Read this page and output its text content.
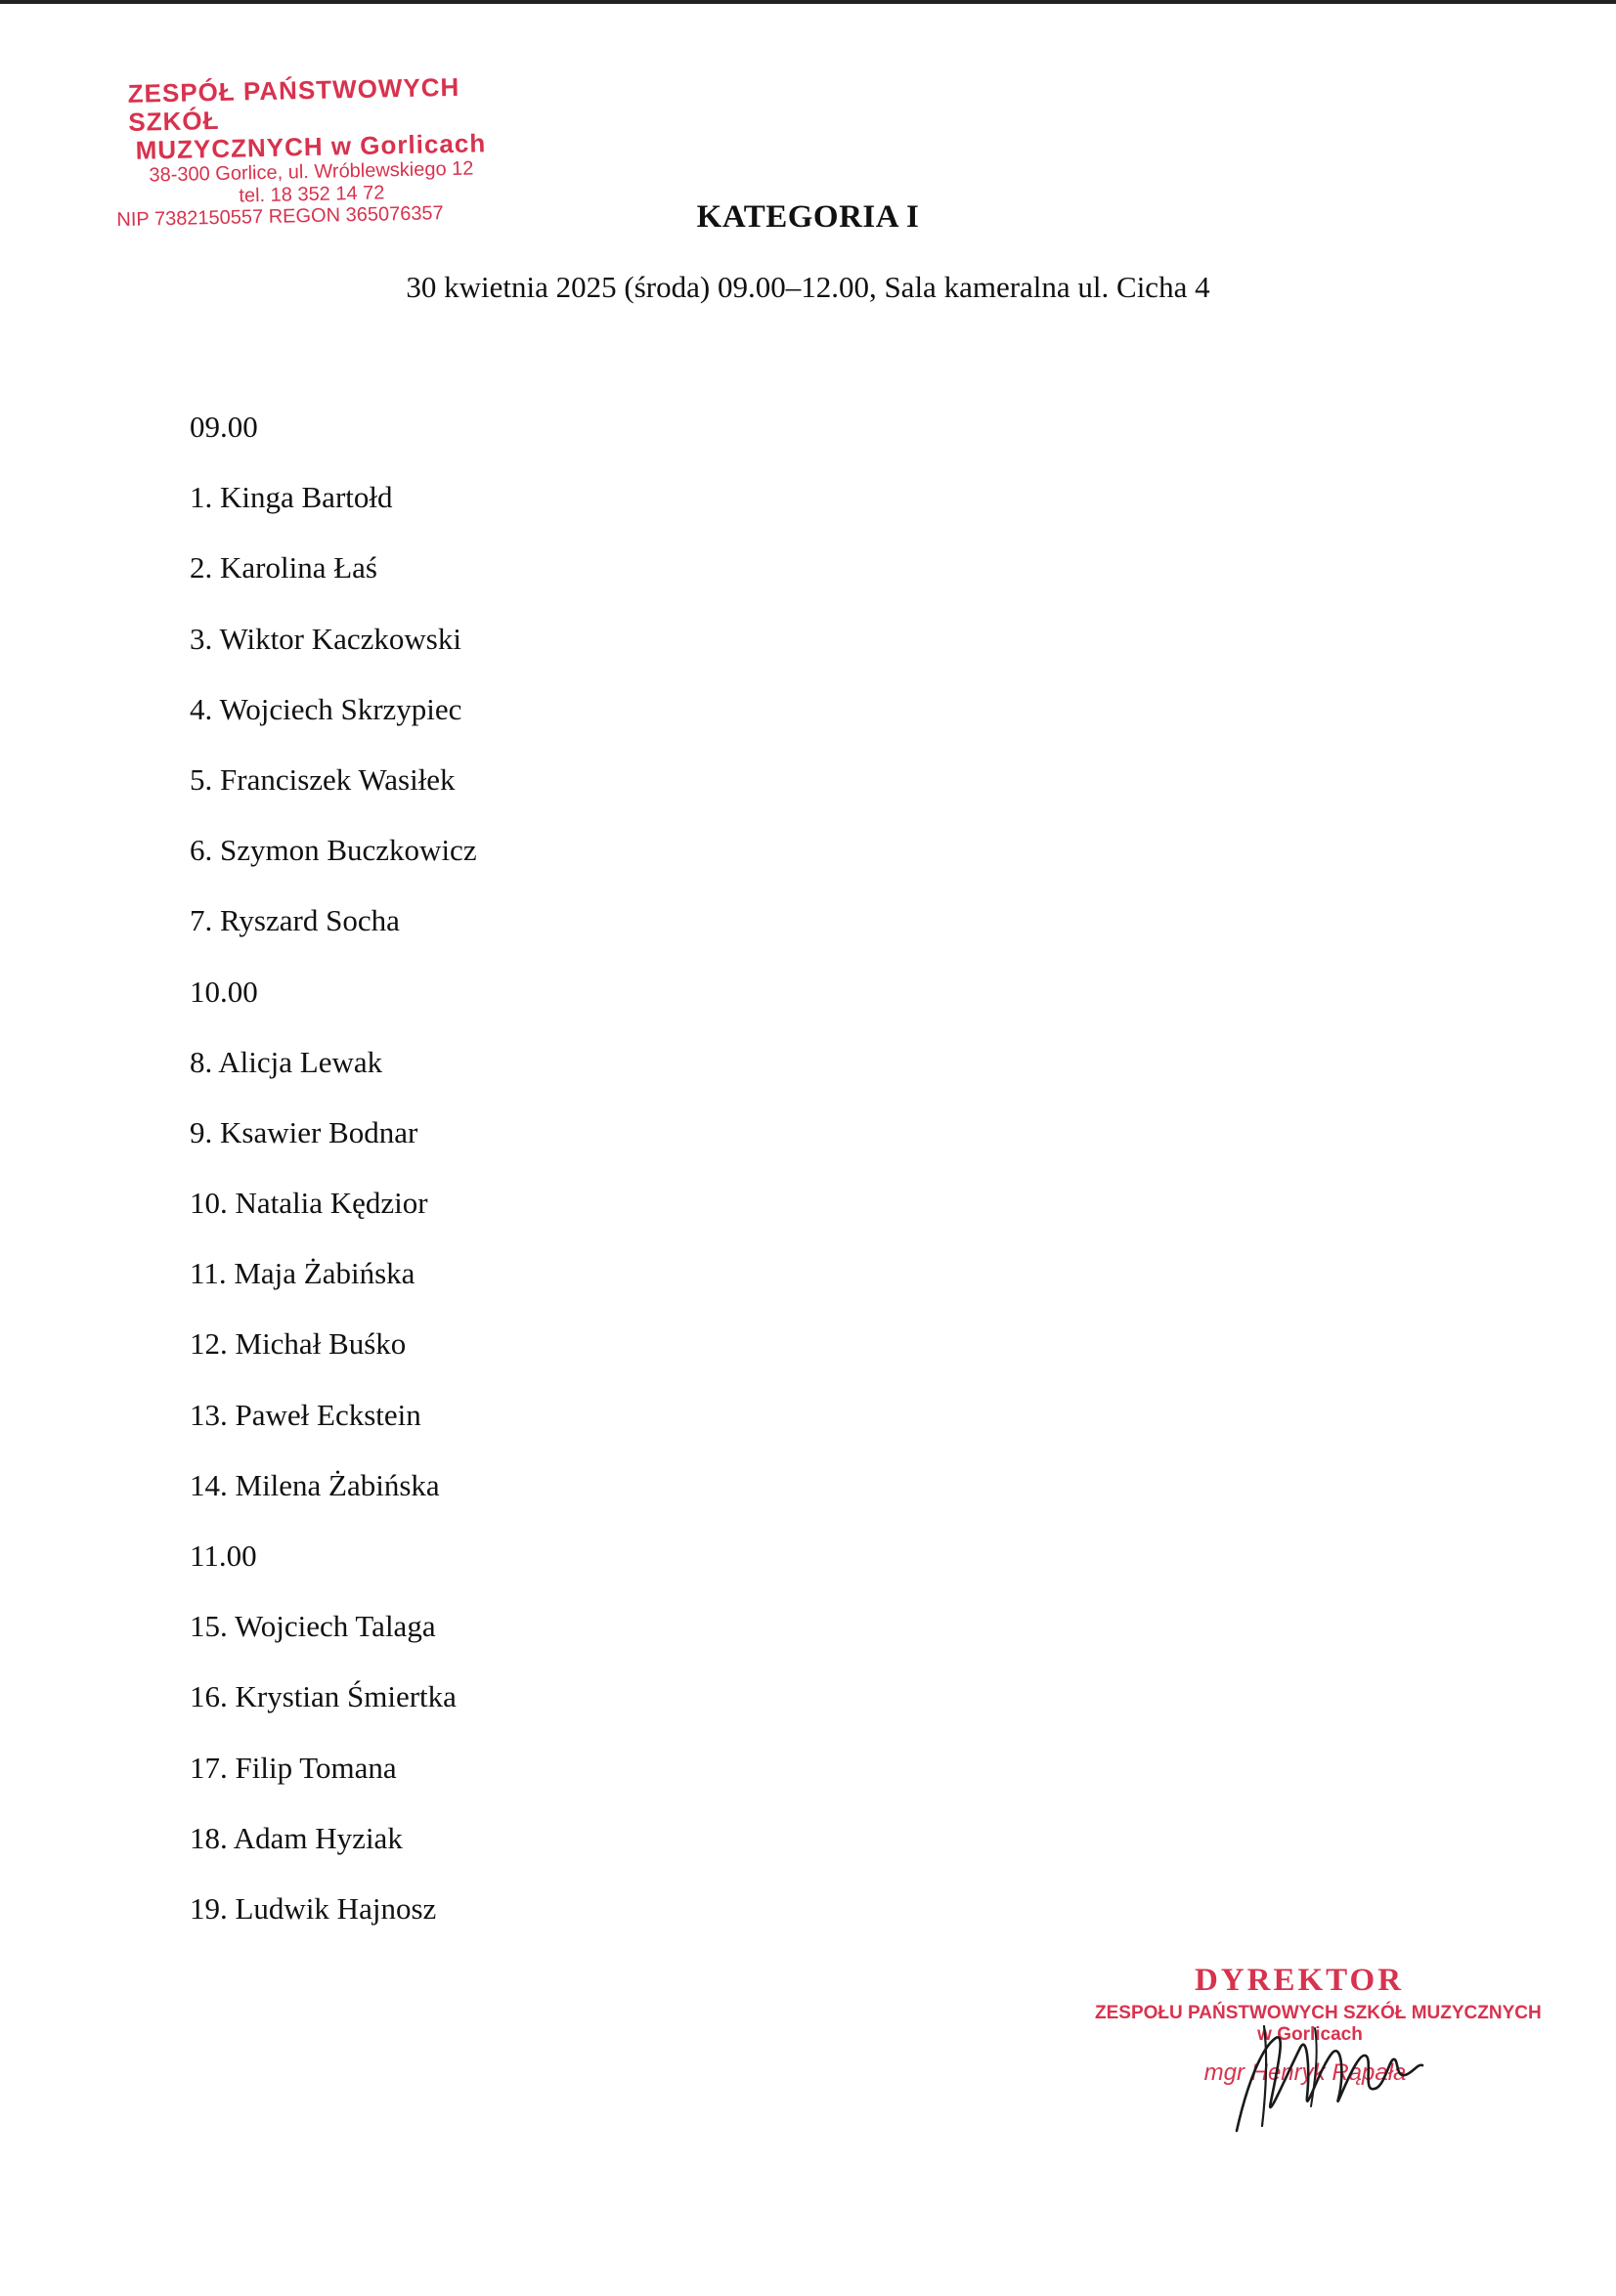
ZESPÓŁ PAŃSTWOWYCH SZKÓŁ
MUZYCZNYCH w Gorlicach
38-300 Gorlice, ul. Wróblewskiego 12
tel. 18 352 14 72
NIP 7382150557 REGON 365076357	KATEGORIA I
30 kwietnia 2025 (środa) 09.00–12.00, Sala kameralna ul. Cicha 4
09.00
1. Kinga Bartołd
2. Karolina Łaś
3. Wiktor Kaczkowski
4. Wojciech Skrzypiec
5. Franciszek Wasiłek
6. Szymon Buczkowicz
7. Ryszard Socha
10.00
8. Alicja Lewak
9. Ksawier Bodnar
10. Natalia Kędzior
11. Maja Żabińska
12. Michał Buśko
13. Paweł Eckstein
14. Milena Żabińska
11.00
15. Wojciech Talaga
16. Krystian Śmiertka
17. Filip Tomana
18. Adam Hyziak
19. Ludwik Hajnosz
DYREKTOR
ZESPOŁU PAŃSTWOWYCH SZKÓŁ MUZYCZNYCH
w Gorlicach
mgr Henryk Rąpała
